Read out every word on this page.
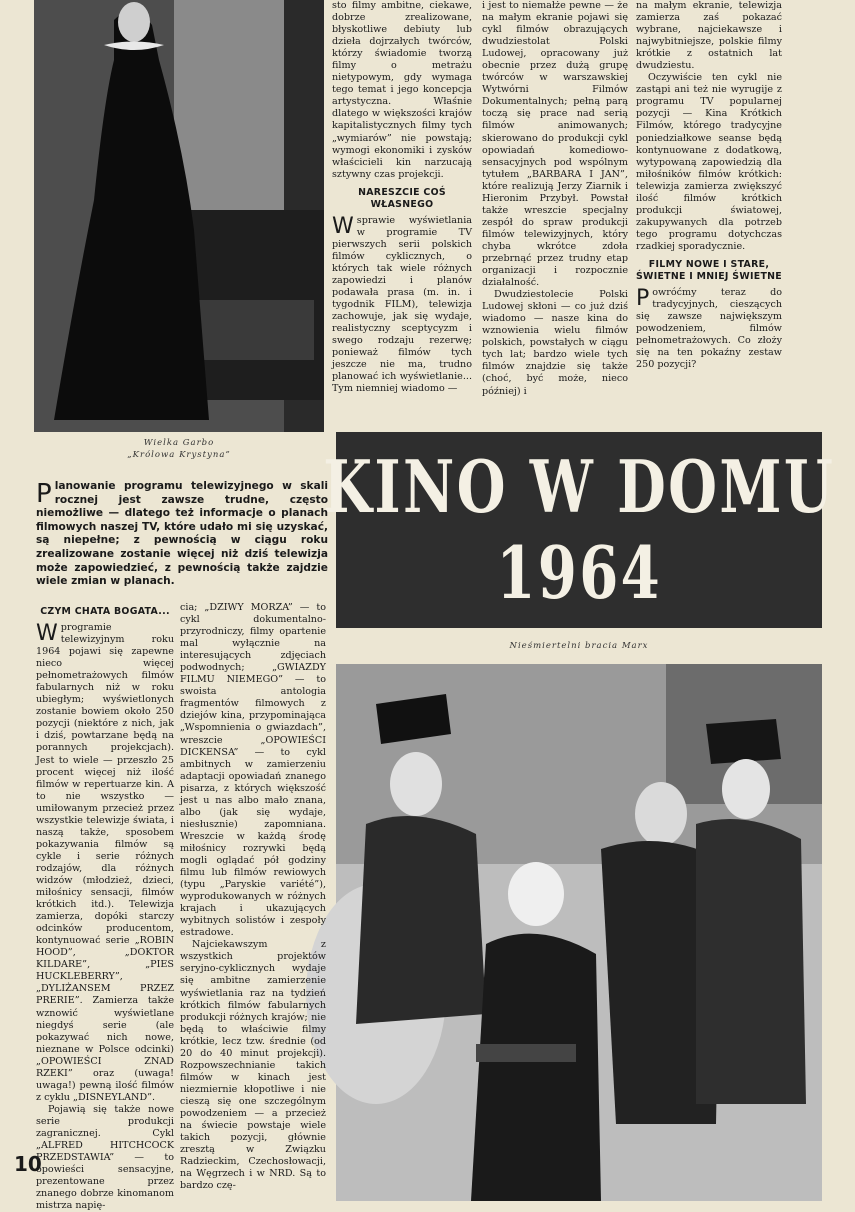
Wielka Garbo
„Królowa Krystyna”	KINO W DOMU
1964
Nieśmiertelni bracia Marx
Planowanie programu telewizyjnego w skali rocznej jest zawsze trudne, często niemożliwe — dlatego też informacje o planach filmowych naszej TV, które udało mi się uzyskać, są niepełne; z pewnością w ciągu roku zrealizowane zostanie więcej niż dziś telewizja może zapowiedzieć, z pewnością także zajdzie wiele zmian w planach.
CZYM CHATA BOGATA...

Wprogramie telewizyjnym roku 1964 pojawi się zapewne nieco więcej pełnometrażowych filmów fabularnych niż w roku ubiegłym; wyświetlonych zostanie bowiem około 250 pozycji (niektóre z nich, jak i dziś, powtarzane będą na porannych projekcjach). Jest to wiele — przeszło 25 procent więcej niż ilość filmów w repertuarze kin. A to nie wszystko — umiłowanym przecież przez wszystkie telewizje świata, i naszą także, sposobem pokazywania filmów są cykle i serie różnych rodzajów, dla różnych widzów (młodzież, dzieci, miłośnicy sensacji, filmów krótkich itd.). Telewizja zamierza, dopóki starczy odcinków producentom, kontynuować serie „ROBIN HOOD”, „DOKTOR KILDARE”, „PIES HUCKLEBERRY”, „DYLIŻANSEM PRZEZ PRERIE”. Zamierza także wznowić wyświetlane niegdyś serie (ale pokazywać nich nowe, nieznane w Polsce odcinki) „OPOWIEŚCI ZNAD RZEKI” oraz (uwaga! uwaga!) pewną ilość filmów z cyklu „DISNEYLAND”.

Pojawią się także nowe serie produkcji zagranicznej. Cykl „ALFRED HITCHCOCK PRZEDSTAWIA” — to opowieści sensacyjne, prezentowane przez znanego dobrze kinomanom mistrza napię-

cia; „DZIWY MORZA” — to cykl dokumentalno-przyrodniczy, filmy opartenie mal wyłącznie na interesujących zdjęciach podwodnych; „GWIAZDY FILMU NIEMEGO” — to swoista antologia fragmentów filmowych z dziejów kina, przypominająca „Wspomnienia o gwiazdach”, wreszcie „OPOWIEŚCI DICKENSA” — to cykl ambitnych w zamierzeniu adaptacji opowiadań znanego pisarza, z których większość jest u nas albo mało znana, albo (jak się wydaje, niesłusznie) zapomniana. Wreszcie w każdą środę miłośnicy rozrywki będą mogli oglądać pół godziny filmu lub filmów rewiowych (typu „Paryskie variété”), wyprodukowanych w różnych krajach i ukazujących wybitnych solistów i zespoły estradowe.

Najciekawszym z wszystkich projektów seryjno-cyklicznych wydaje się ambitne zamierzenie wyświetlania raz na tydzień krótkich filmów fabularnych produkcji różnych krajów; nie będą to właściwie filmy krótkie, lecz tzw. średnie (od 20 do 40 minut projekcji). Rozpowszechnianie takich filmów w kinach jest niezmiernie kłopotliwe i nie cieszą się one szczególnym powodzeniem — a przecież na świecie powstaje wiele takich pozycji, głównie zresztą w Związku Radzieckim, Czechosłowacji, na Węgrzech i w NRD. Są to bardzo czę-

sto filmy ambitne, ciekawe, dobrze zrealizowane, błyskotliwe debiuty lub dzieła dojrzałych twórców, którzy świadomie tworzą filmy o metrażu nietypowym, gdy wymaga tego temat i jego koncepcja artystyczna. Właśnie dlatego w większości krajów kapitalistycznych filmy tych „wymiarów” nie powstają; wymogi ekonomiki i zysków właścicieli kin narzucają sztywny czas projekcji.

NARESZCIE COŚ WŁASNEGO

Wsprawie wyświetlania w programie TV pierwszych serii polskich filmów cyklicznych, o których tak wiele różnych zapowiedzi i planów podawała prasa (m. in. i tygodnik FILM), telewizja zachowuje, jak się wydaje, realistyczny sceptycyzm i swego rodzaju rezerwę; ponieważ filmów tych jeszcze nie ma, trudno planować ich wyświetlanie... Tym niemniej wiadomo —

i jest to niemałże pewne — że na małym ekranie pojawi się cykl filmów obrazujących dwudziestolat Polski Ludowej, opracowany już obecnie przez dużą grupę twórców w warszawskiej Wytwórni Filmów Dokumentalnych; pełną parą toczą się prace nad serią filmów animowanych; skierowano do produkcji cykl opowiadań komediowo-sensacyjnych pod wspólnym tytułem „BARBARA I JAN”, które realizują Jerzy Ziarnik i Hieronim Przybył. Powstał także wreszcie specjalny zespół do spraw produkcji filmów telewizyjnych, który chyba wkrótce zdoła przebrnąć przez trudny etap organizacji i rozpocznie działalność.

Dwudziestolecie Polski Ludowej skłoni — co już dziś wiadomo — nasze kina do wznowienia wielu filmów polskich, powstałych w ciągu tych lat; bardzo wiele tych filmów znajdzie się także (choć, być może, nieco później) i

na małym ekranie, telewizja zamierza zaś pokazać wybrane, najciekawsze i najwybitniejsze, polskie filmy krótkie z ostatnich lat dwudziestu.

Oczywiście ten cykl nie zastąpi ani też nie wyrugije z programu TV popularnej pozycji — Kina Krótkich Filmów, którego tradycyjne poniedziałkowe seanse będą kontynuowane z dodatkową, wytypowaną zapowiedzią dla miłośników filmów krótkich: telewizja zamierza zwiększyć ilość filmów krótkich produkcji światowej, zakupywanych dla potrzeb tego programu dotychczas rzadkiej sporadycznie.

FILMY NOWE I STARE, ŚWIETNE I MNIEJ ŚWIETNE

Powróćmy teraz do tradycyjnych, cieszących się zawsze największym powodzeniem, filmów pełnometrażowych. Co złoży się na ten pokaźny zestaw 250 pozycji?

10
